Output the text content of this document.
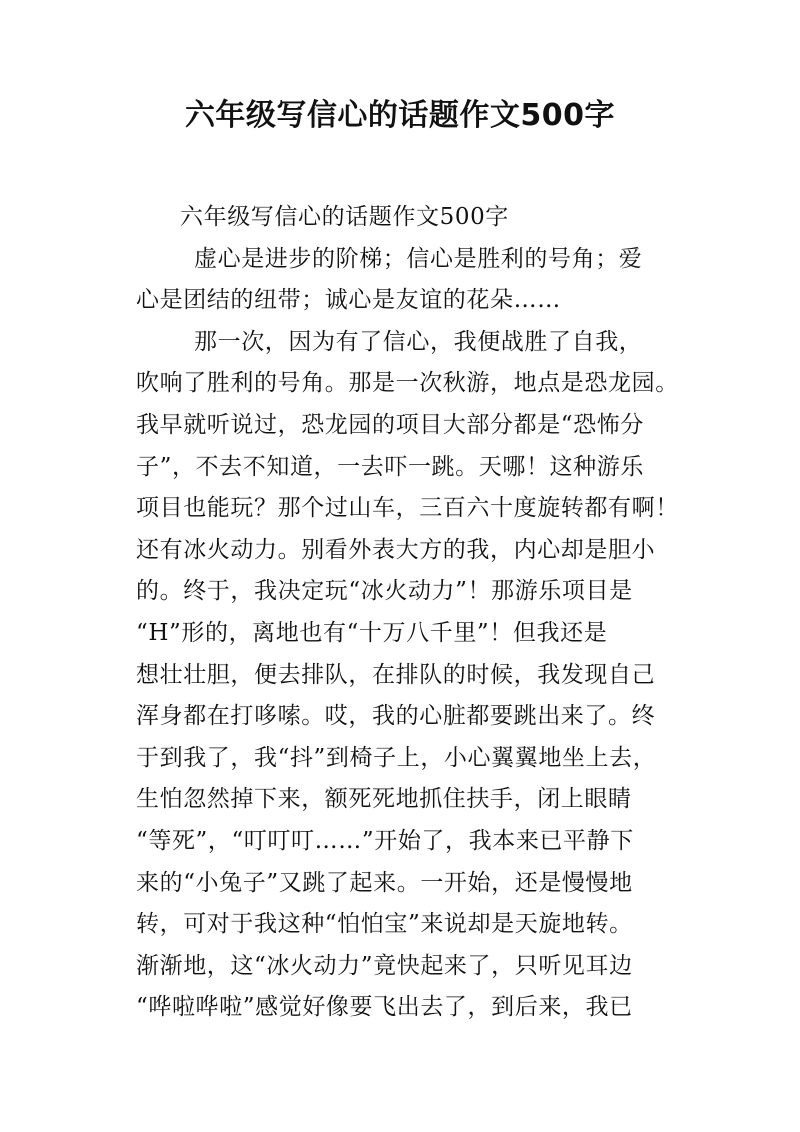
六年级写信心的话题作文500字
六年级写信心的话题作文500字
虚心是进步的阶梯；信心是胜利的号角；爱
心是团结的纽带；诚心是友谊的花朵……
那一次，因为有了信心，我便战胜了自我，
吹响了胜利的号角。那是一次秋游，地点是恐龙园。
我早就听说过，恐龙园的项目大部分都是“恐怖分
子”，不去不知道，一去吓一跳。天哪！这种游乐
项目也能玩？那个过山车，三百六十度旋转都有啊！
还有冰火动力。别看外表大方的我，内心却是胆小
的。终于，我决定玩“冰火动力”！那游乐项目是
“H”形的，离地也有“十万八千里”！但我还是
想壮壮胆，便去排队，在排队的时候，我发现自己
浑身都在打哆嗦。哎，我的心脏都要跳出来了。终
于到我了，我“抖”到椅子上，小心翼翼地坐上去，
生怕忽然掉下来，额死死地抓住扶手，闭上眼睛
“等死”，“叮叮叮……”开始了，我本来已平静下
来的“小兔子”又跳了起来。一开始，还是慢慢地
转，可对于我这种“怕怕宝”来说却是天旋地转。
渐渐地，这“冰火动力”竟快起来了，只听见耳边
“哗啦哗啦”感觉好像要飞出去了，到后来，我已
